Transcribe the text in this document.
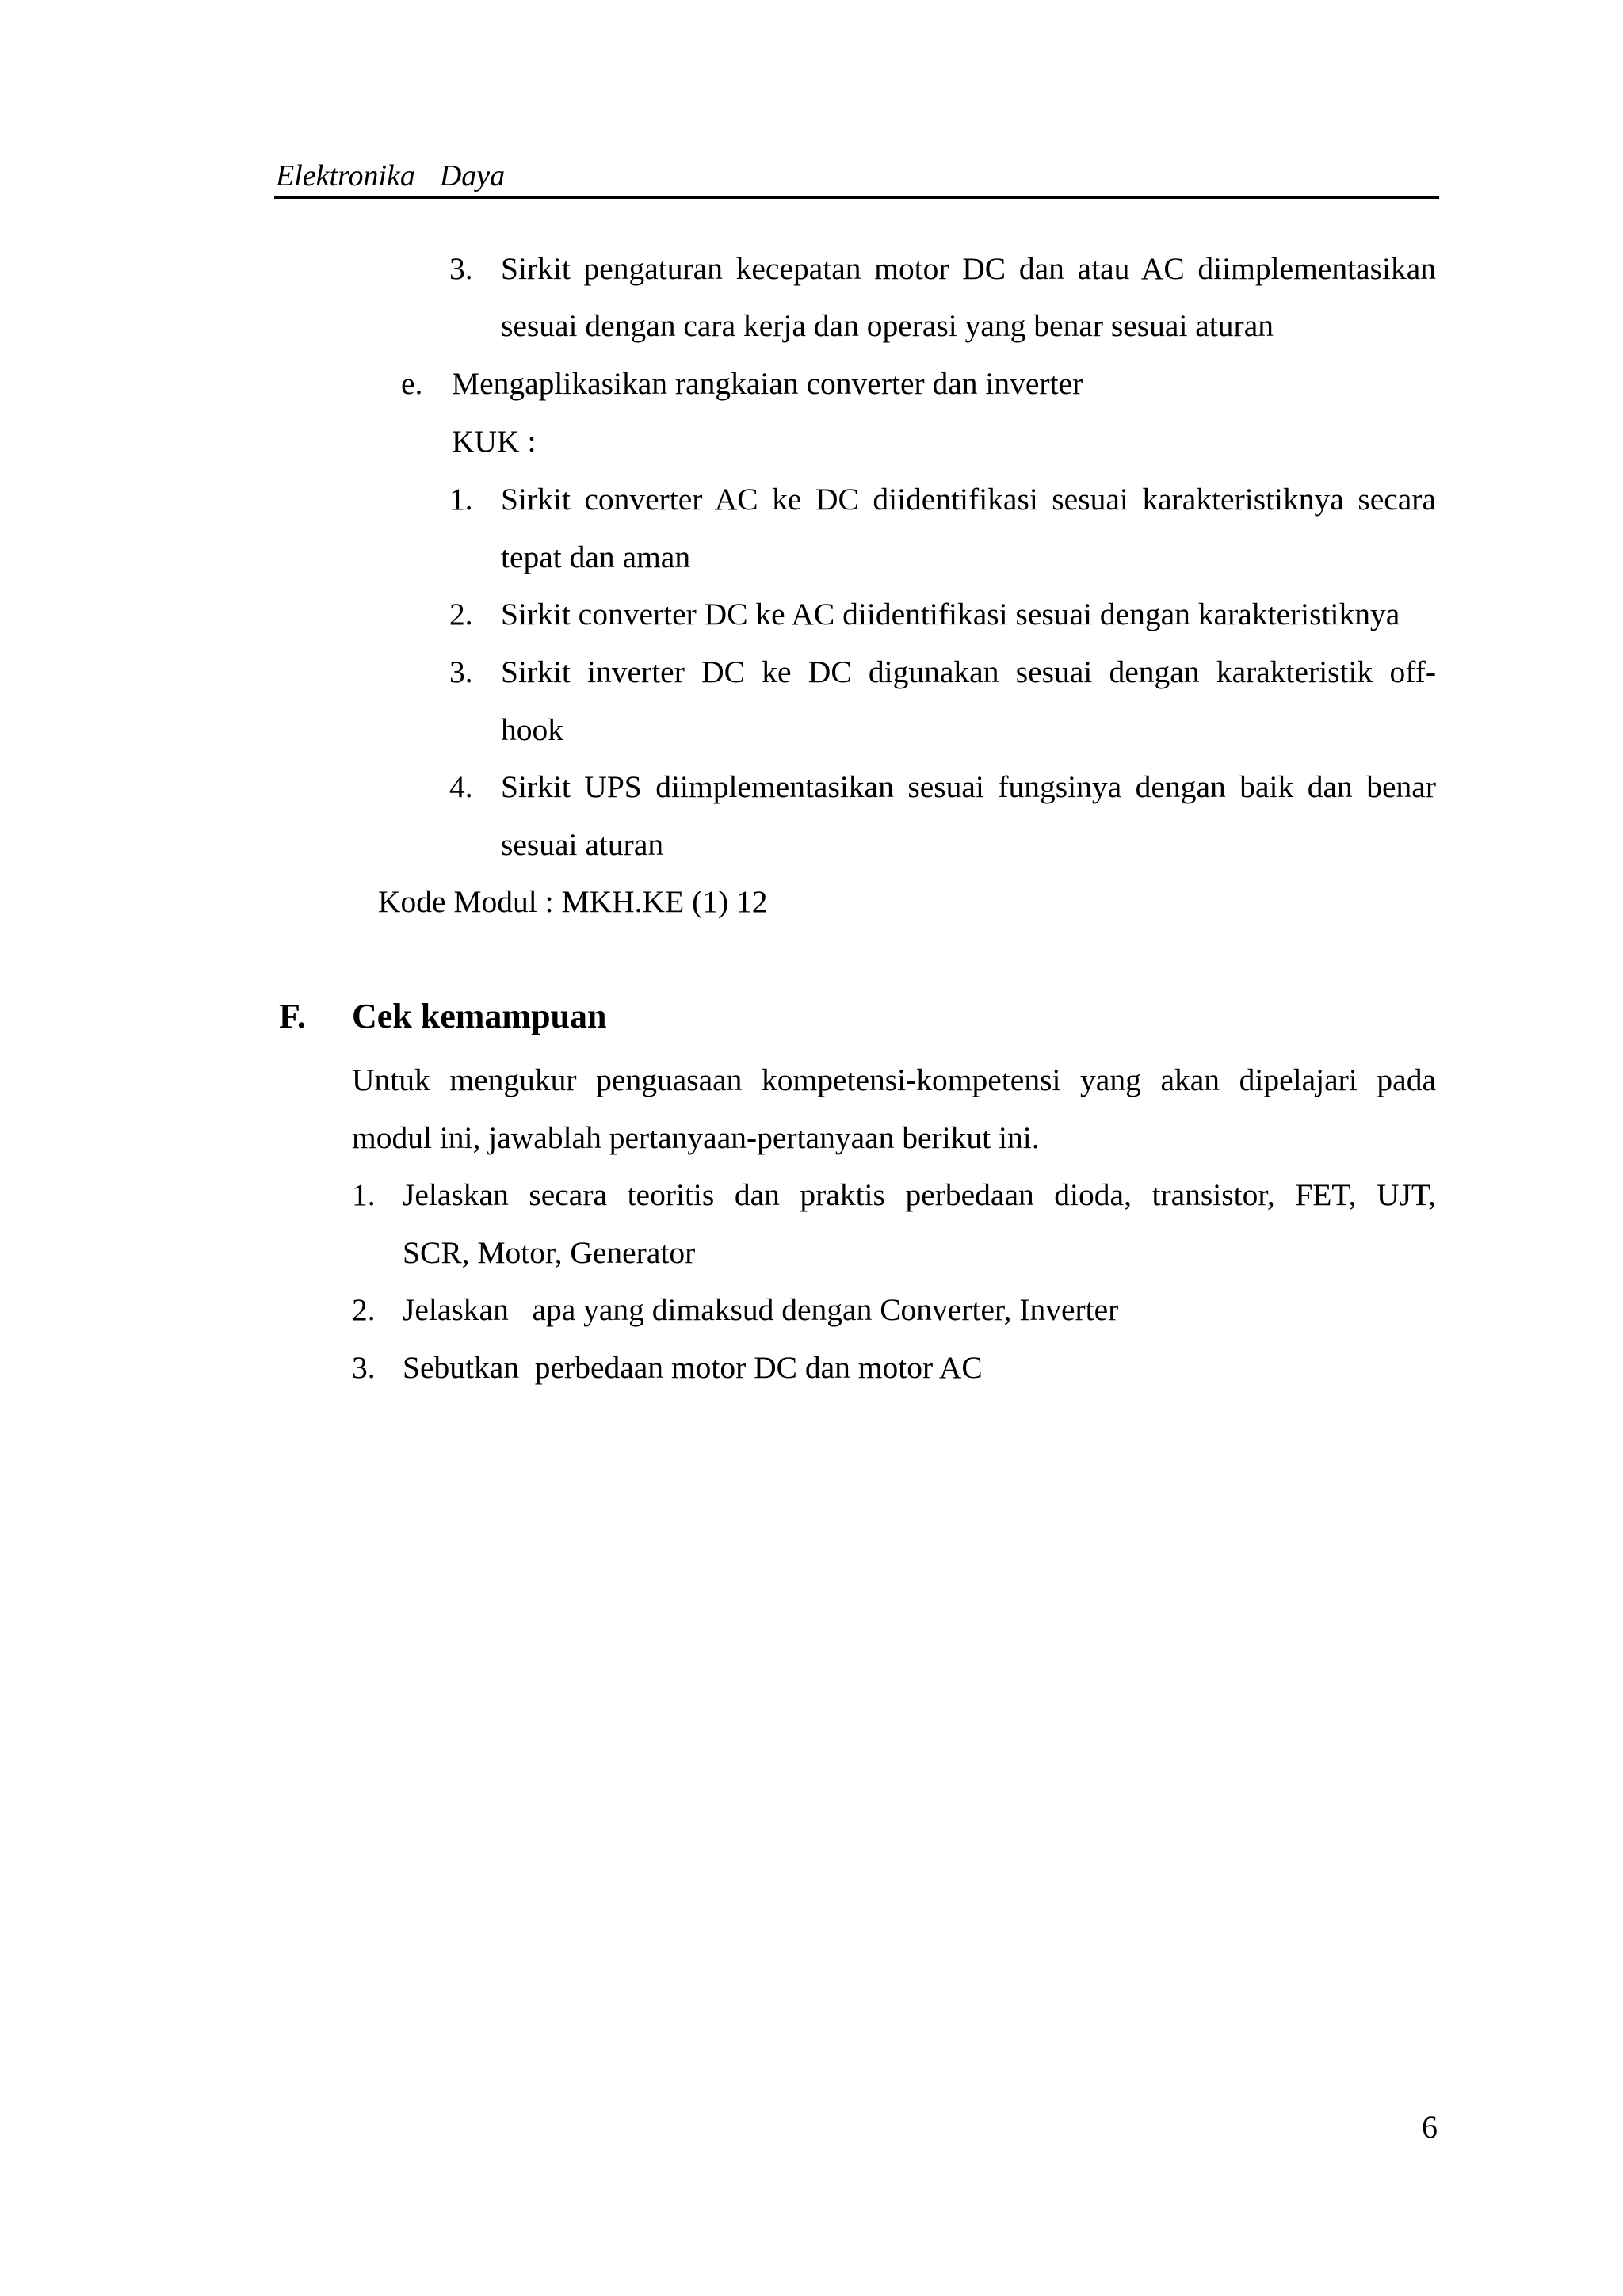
Elektronika  Daya
3. Sirkit pengaturan kecepatan motor DC dan atau AC diimplementasikan
sesuai dengan cara kerja dan operasi yang benar sesuai aturan
e. Mengaplikasikan rangkaian converter dan inverter
KUK :
1. Sirkit converter AC ke DC diidentifikasi sesuai karakteristiknya secara
tepat dan aman
2. Sirkit converter DC ke AC diidentifikasi sesuai dengan karakteristiknya
3. Sirkit inverter DC ke DC digunakan sesuai dengan karakteristik off-
hook
4. Sirkit UPS diimplementasikan sesuai fungsinya dengan baik dan benar
sesuai aturan
Kode Modul : MKH.KE (1) 12
F. Cek kemampuan
Untuk mengukur penguasaan kompetensi-kompetensi yang akan dipelajari pada
modul ini, jawablah pertanyaan-pertanyaan berikut ini.
1. Jelaskan secara teoritis dan praktis perbedaan dioda, transistor, FET, UJT,
SCR, Motor, Generator
2. Jelaskan   apa yang dimaksud dengan Converter, Inverter
3. Sebutkan  perbedaan motor DC dan motor AC
6
